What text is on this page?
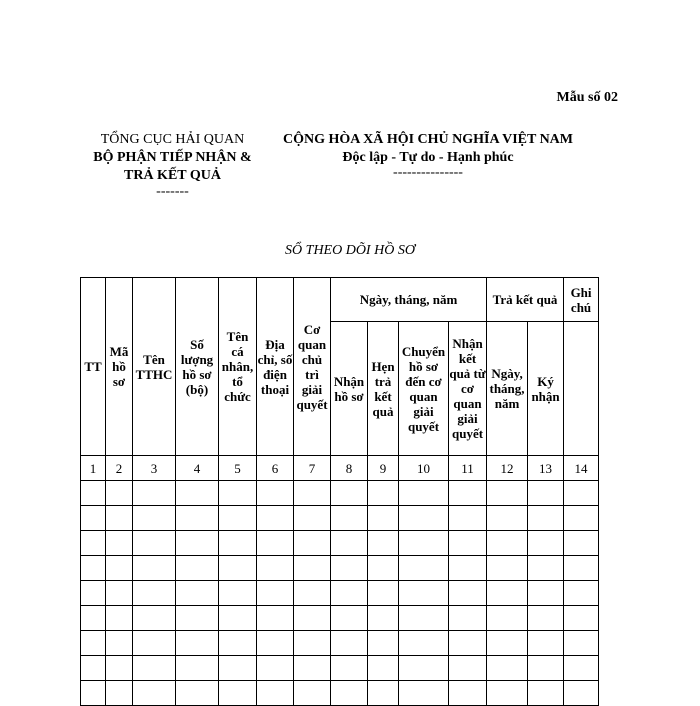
Mẫu số 02
TỔNG CỤC HẢI QUAN
BỘ PHẬN TIẾP NHẬN &
TRẢ KẾT QUẢ
-------
CỘNG HÒA XÃ HỘI CHỦ NGHĨA VIỆT NAM
Độc lập - Tự do - Hạnh phúc
---------------
SỔ THEO DÕI HỒ SƠ
TT	Mã hồ sơ	Tên TTHC	Số lượng hồ sơ (bộ)	Tên cá nhân, tổ chức	Địa chỉ, số điện thoại	Cơ quan chủ trì giải quyết	Ngày, tháng, năm				Trả kết quả		Ghi chú
							Nhận hồ sơ	Hẹn trả kết quả	Chuyển hồ sơ đến cơ quan giải quyết	Nhận kết quả từ cơ quan giải quyết	Ngày, tháng, năm	Ký nhận	
1	2	3	4	5	6	7	8	9	10	11	12	13	14
